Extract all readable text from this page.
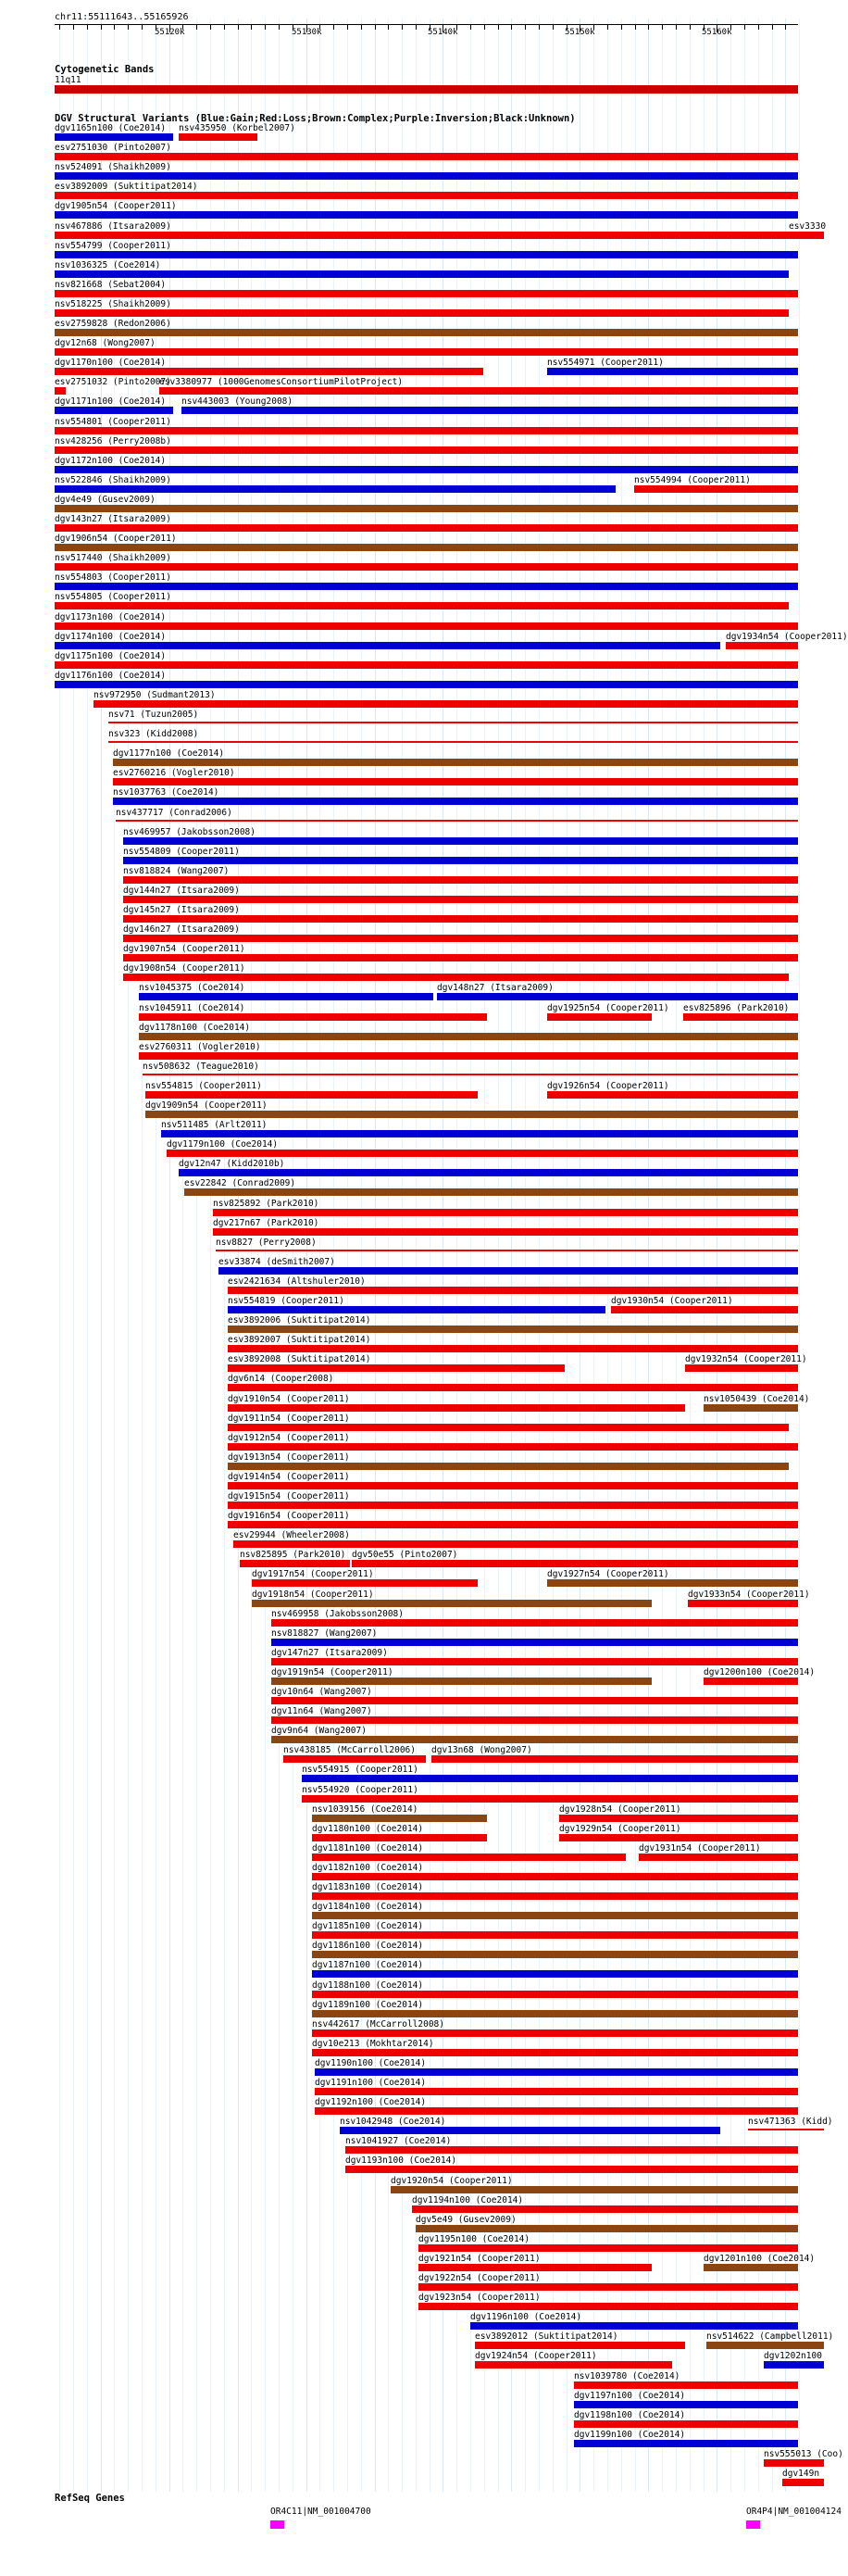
chr11:55111643..55165926
55120k	55130k	55140k	55150k	55160k
Cytogenetic Bands
11q11
DGV Structural Variants (Blue:Gain;Red:Loss;Brown:Complex;Purple:Inversion;Black:Unknown)
dgv1165n100 (Coe2014) nsv435950 (Korbel2007)
esv2751030 (Pinto2007)
nsv524091 (Shaikh2009)
esv3892009 (Suktitipat2014)
dgv1905n54 (Cooper2011)
nsv467886 (Itsara2009)	esv3330
nsv554799 (Cooper2011)
nsv1036325 (Coe2014)
nsv821668 (Sebat2004)
nsv518225 (Shaikh2009)
esv2759828 (Redon2006)
dgv12n68 (Wong2007)
dgv1170n100 (Coe2014)	nsv554971 (Cooper2011)
esv2751032 (Pinto2007)
esv3380977 (1000GenomesConsortiumPilotProject)
dgv1171n100 (Coe2014) nsv443003 (Young2008)
nsv554801 (Cooper2011)
nsv428256 (Perry2008b)
dgv1172n100 (Coe2014)
nsv522846 (Shaikh2009)	nsv554994 (Cooper2011)
dgv4e49 (Gusev2009)
dgv143n27 (Itsara2009)
dgv1906n54 (Cooper2011)
nsv517440 (Shaikh2009)
nsv554803 (Cooper2011)
nsv554805 (Cooper2011)
dgv1173n100 (Coe2014)
dgv1174n100 (Coe2014)	dgv1934n54 (Cooper2011)
dgv1175n100 (Coe2014)
dgv1176n100 (Coe2014)
nsv972950 (Sudmant2013)
nsv71 (Tuzun2005)
nsv323 (Kidd2008)
dgv1177n100 (Coe2014)
esv2760216 (Vogler2010)
nsv1037763 (Coe2014)
nsv437717 (Conrad2006)
nsv469957 (Jakobsson2008)
nsv554809 (Cooper2011)
nsv818824 (Wang2007)
dgv144n27 (Itsara2009)
dgv145n27 (Itsara2009)
dgv146n27 (Itsara2009)
dgv1907n54 (Cooper2011)
dgv1908n54 (Cooper2011)
nsv1045375 (Coe2014)	dgv148n27 (Itsara2009)
nsv1045911 (Coe2014)	dgv1925n54 (Cooper2011) esv825896 (Park2010)
dgv1178n100 (Coe2014)
esv2760311 (Vogler2010)
nsv508632 (Teague2010)
nsv554815 (Cooper2011)	dgv1926n54 (Cooper2011)
dgv1909n54 (Cooper2011)
nsv511485 (Arlt2011)
dgv1179n100 (Coe2014)
dgv12n47 (Kidd2010b)
esv22842 (Conrad2009)
nsv825892 (Park2010)
dgv217n67 (Park2010)
nsv8827 (Perry2008)
esv33874 (deSmith2007)
esv2421634 (Altshuler2010)
nsv554819 (Cooper2011)	dgv1930n54 (Cooper2011)
esv3892006 (Suktitipat2014)
esv3892007 (Suktitipat2014)
esv3892008 (Suktitipat2014)	dgv1932n54 (Cooper2011)
dgv6n14 (Cooper2008)
dgv1910n54 (Cooper2011)	nsv1050439 (Coe2014)
dgv1911n54 (Cooper2011)
dgv1912n54 (Cooper2011)
dgv1913n54 (Cooper2011)
dgv1914n54 (Cooper2011)
dgv1915n54 (Cooper2011)
dgv1916n54 (Cooper2011)
esv29944 (Wheeler2008)
nsv825895 (Park2010) dgv50e55 (Pinto2007)
dgv1917n54 (Cooper2011)	dgv1927n54 (Cooper2011)
dgv1918n54 (Cooper2011)	dgv1933n54 (Cooper2011)
nsv469958 (Jakobsson2008)
nsv818827 (Wang2007)
dgv147n27 (Itsara2009)
dgv1919n54 (Cooper2011)	dgv1200n100 (Coe2014)
dgv10n64 (Wang2007)
dgv11n64 (Wang2007)
dgv9n64 (Wang2007)
nsv438185 (McCarroll2006) dgv13n68 (Wong2007)
nsv554915 (Cooper2011)
nsv554920 (Cooper2011)
nsv1039156 (Coe2014)	dgv1928n54 (Cooper2011)
dgv1180n100 (Coe2014)	dgv1929n54 (Cooper2011)
dgv1181n100 (Coe2014)	dgv1931n54 (Cooper2011)
dgv1182n100 (Coe2014)
dgv1183n100 (Coe2014)
dgv1184n100 (Coe2014)
dgv1185n100 (Coe2014)
dgv1186n100 (Coe2014)
dgv1187n100 (Coe2014)
dgv1188n100 (Coe2014)
dgv1189n100 (Coe2014)
nsv442617 (McCarroll2008)
dgv10e213 (Mokhtar2014)
dgv1190n100 (Coe2014)
dgv1191n100 (Coe2014)
dgv1192n100 (Coe2014)
nsv1042948 (Coe2014)	nsv471363 (Kidd)
nsv1041927 (Coe2014)
dgv1193n100 (Coe2014)
dgv1920n54 (Cooper2011)
dgv1194n100 (Coe2014)
dgv5e49 (Gusev2009)
dgv1195n100 (Coe2014)
dgv1921n54 (Cooper2011)	dgv1201n100 (Coe2014)
dgv1922n54 (Cooper2011)
dgv1923n54 (Cooper2011)
dgv1196n100 (Coe2014)
esv3892012 (Suktitipat2014)	nsv514622 (Campbell2011)
dgv1924n54 (Cooper2011)	dgv1202n100
nsv1039780 (Coe2014)
dgv1197n100 (Coe2014)
dgv1198n100 (Coe2014)
dgv1199n100 (Coe2014)
nsv555013 (Coo)
dgv149n
RefSeq Genes
OR4C11|NM_001004700	OR4P4|NM_001004124
